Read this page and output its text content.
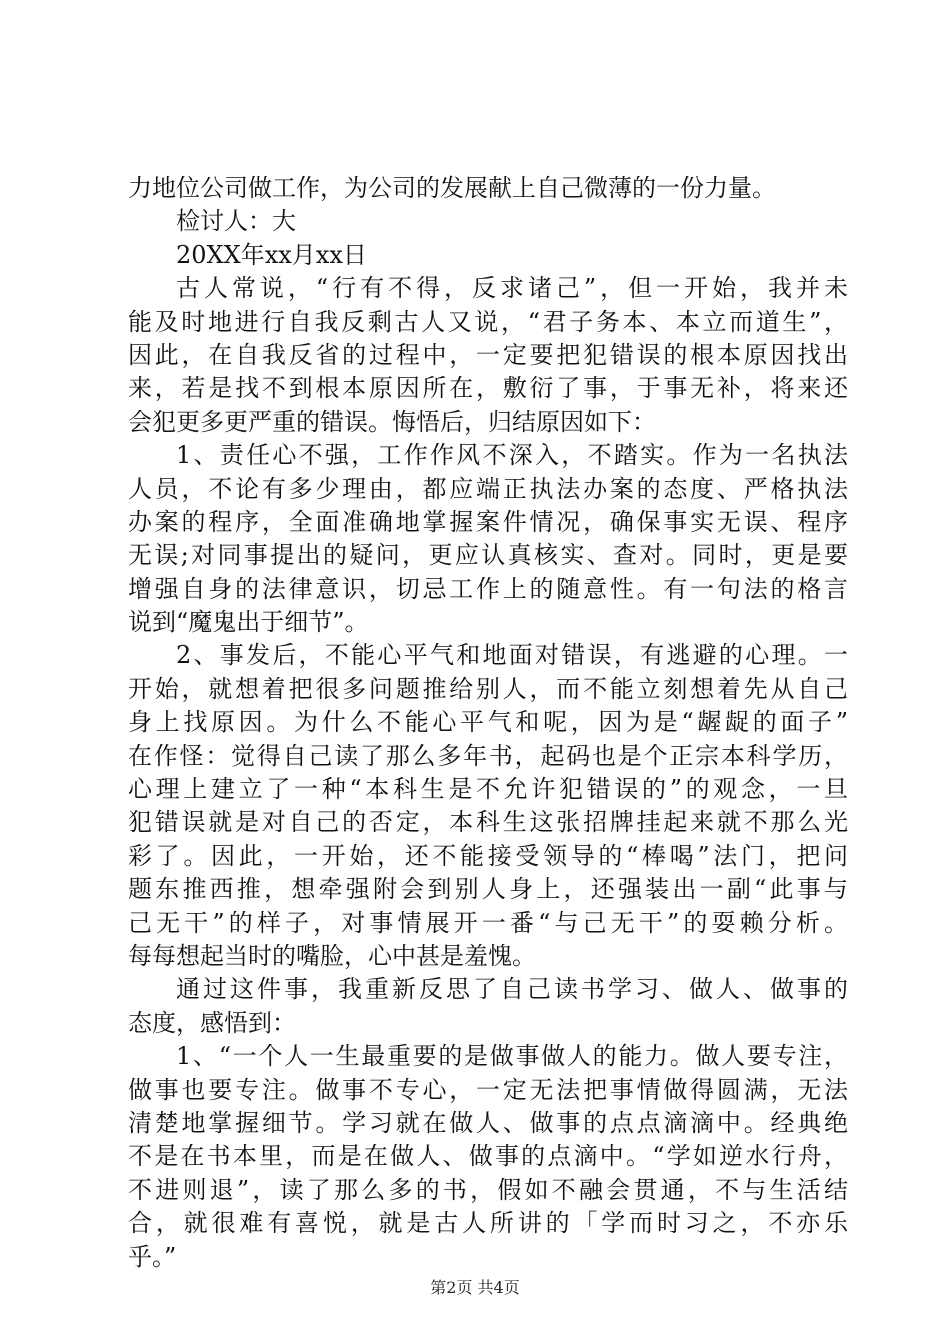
力地位公司做工作，为公司的发展献上自己微薄的一份力量。
检讨人：大
20XX年xx月xx日
古人常说，“行有不得，反求诸己”，但一开始，我并未
能及时地进行自我反剩古人又说，“君子务本、本立而道生”，
因此，在自我反省的过程中，一定要把犯错误的根本原因找出
来，若是找不到根本原因所在，敷衍了事，于事无补，将来还
会犯更多更严重的错误。悔悟后，归结原因如下：
1、责任心不强，工作作风不深入，不踏实。作为一名执法
人员，不论有多少理由，都应端正执法办案的态度、严格执法
办案的程序，全面准确地掌握案件情况，确保事实无误、程序
无误;对同事提出的疑问，更应认真核实、查对。同时，更是要
增强自身的法律意识，切忌工作上的随意性。有一句法的格言
说到“魔鬼出于细节”。
2、事发后，不能心平气和地面对错误，有逃避的心理。一
开始，就想着把很多问题推给别人，而不能立刻想着先从自己
身上找原因。为什么不能心平气和呢，因为是“龌龊的面子”
在作怪：觉得自己读了那么多年书，起码也是个正宗本科学历，
心理上建立了一种“本科生是不允许犯错误的”的观念，一旦
犯错误就是对自己的否定，本科生这张招牌挂起来就不那么光
彩了。因此，一开始，还不能接受领导的“棒喝”法门，把问
题东推西推，想牵强附会到别人身上，还强装出一副“此事与
己无干”的样子，对事情展开一番“与己无干”的耍赖分析。
每每想起当时的嘴脸，心中甚是羞愧。
通过这件事，我重新反思了自己读书学习、做人、做事的
态度，感悟到：
1、“一个人一生最重要的是做事做人的能力。做人要专注，
做事也要专注。做事不专心，一定无法把事情做得圆满，无法
清楚地掌握细节。学习就在做人、做事的点点滴滴中。经典绝
不是在书本里，而是在做人、做事的点滴中。“学如逆水行舟，
不进则退”，读了那么多的书，假如不融会贯通，不与生活结
合，就很难有喜悦，就是古人所讲的「学而时习之，不亦乐
乎。”
第2页 共4页
